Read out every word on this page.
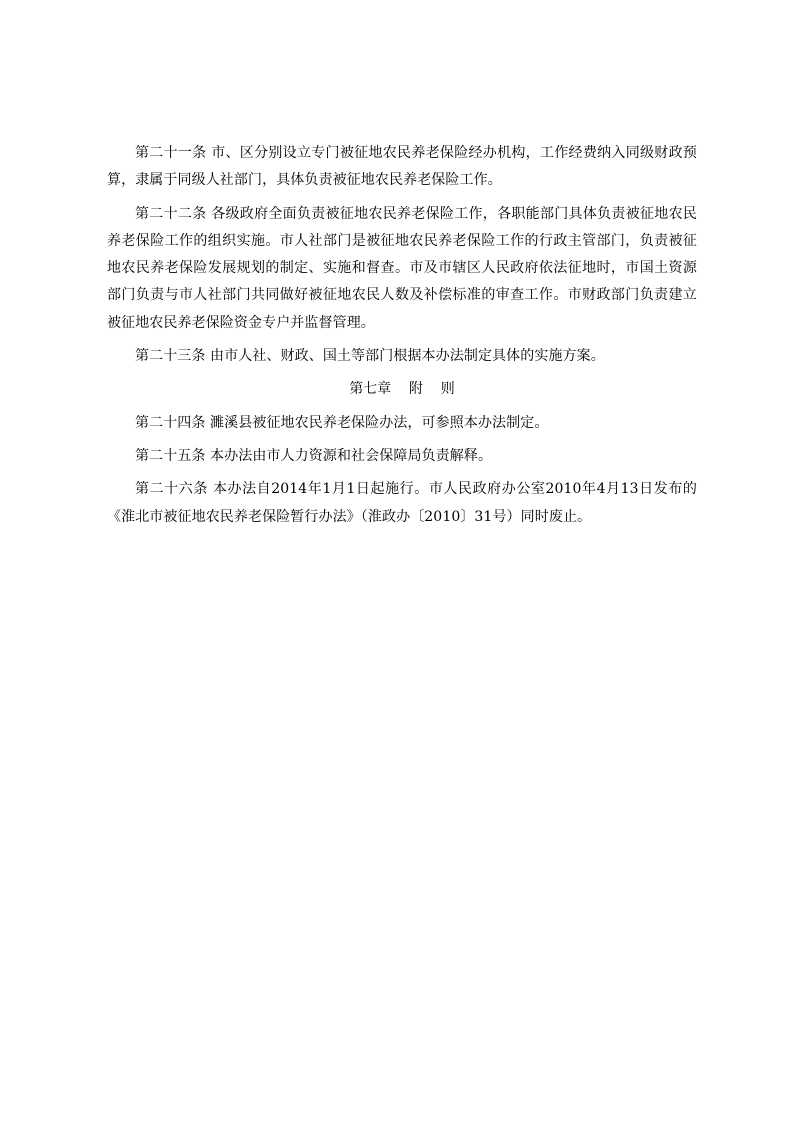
第二十一条 市、区分别设立专门被征地农民养老保险经办机构，工作经费纳入同级财政预算，隶属于同级人社部门，具体负责被征地农民养老保险工作。

第二十二条 各级政府全面负责被征地农民养老保险工作，各职能部门具体负责被征地农民养老保险工作的组织实施。市人社部门是被征地农民养老保险工作的行政主管部门，负责被征地农民养老保险发展规划的制定、实施和督查。市及市辖区人民政府依法征地时，市国土资源部门负责与市人社部门共同做好被征地农民人数及补偿标准的审查工作。市财政部门负责建立被征地农民养老保险资金专户并监督管理。

第二十三条 由市人社、财政、国土等部门根据本办法制定具体的实施方案。

第七章    附    则

第二十四条 濉溪县被征地农民养老保险办法，可参照本办法制定。

第二十五条 本办法由市人力资源和社会保障局负责解释。

第二十六条 本办法自2014年1月1日起施行。市人民政府办公室2010年4月13日发布的《淮北市被征地农民养老保险暂行办法》（淮政办〔2010〕31号）同时废止。
